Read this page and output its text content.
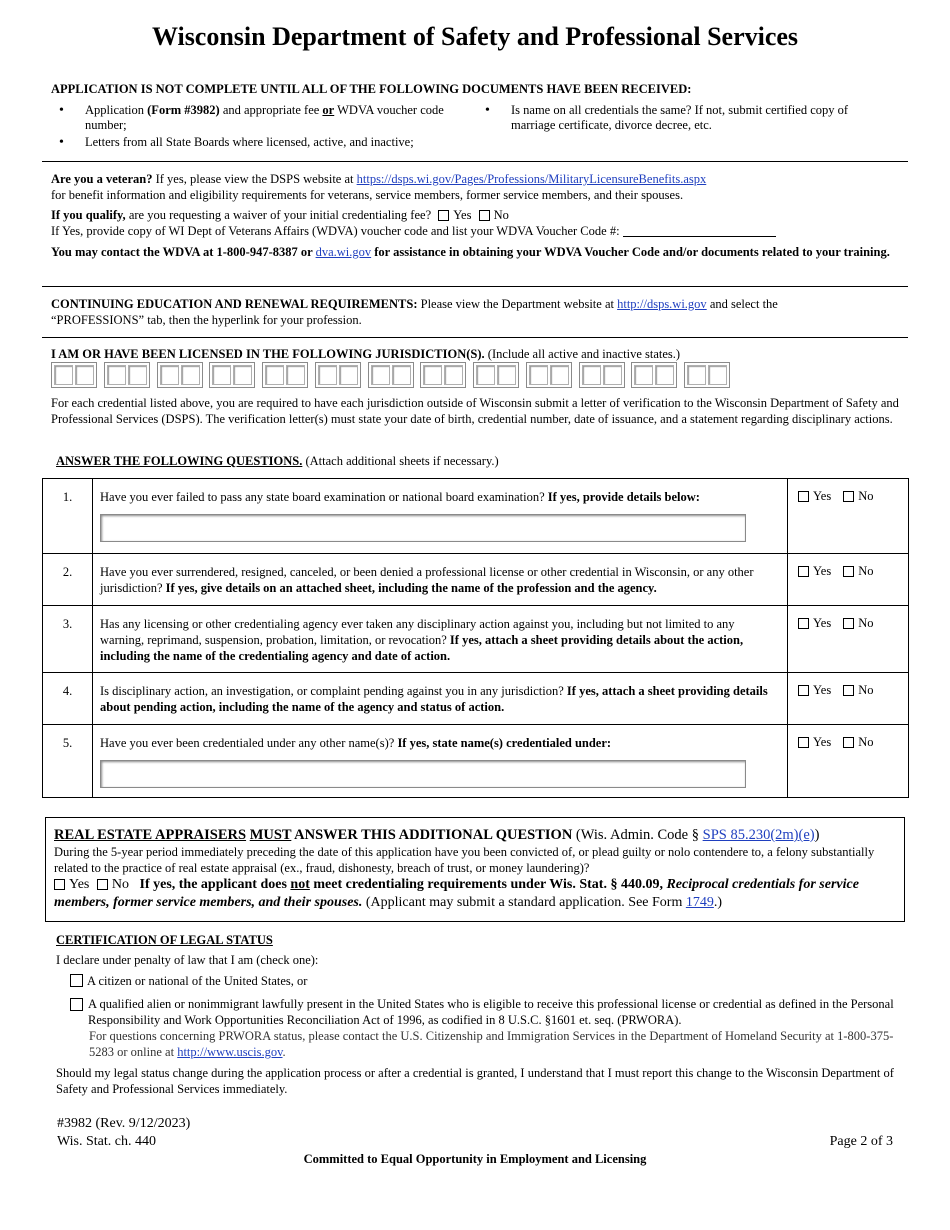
Wisconsin Department of Safety and Professional Services
APPLICATION IS NOT COMPLETE UNTIL ALL OF THE FOLLOWING DOCUMENTS HAVE BEEN RECEIVED:
• Application (Form #3982) and appropriate fee or WDVA voucher code number;
• Letters from all State Boards where licensed, active, and inactive;
• Is name on all credentials the same? If not, submit certified copy of marriage certificate, divorce decree, etc.
Are you a veteran? If yes, please view the DSPS website at https://dsps.wi.gov/Pages/Professions/MilitaryLicensureBenefits.aspx
for benefit information and eligibility requirements for veterans, service members, former service members, and their spouses.
If you qualify, are you requesting a waiver of your initial credentialing fee? Yes No
If Yes, provide copy of WI Dept of Veterans Affairs (WDVA) voucher code and list your WDVA Voucher Code #:
You may contact the WDVA at 1-800-947-8387 or dva.wi.gov for assistance in obtaining your WDVA Voucher Code and/or documents related to your training.
CONTINUING EDUCATION AND RENEWAL REQUIREMENTS: Please view the Department website at http://dsps.wi.gov and select the
“PROFESSIONS” tab, then the hyperlink for your profession.
I AM OR HAVE BEEN LICENSED IN THE FOLLOWING JURISDICTION(S). (Include all active and inactive states.)
For each credential listed above, you are required to have each jurisdiction outside of Wisconsin submit a letter of verification to the Wisconsin Department of Safety and Professional Services (DSPS). The verification letter(s) must state your date of birth, credential number, date of issuance, and a statement regarding disciplinary actions.
ANSWER THE FOLLOWING QUESTIONS. (Attach additional sheets if necessary.)
1.	Have you ever failed to pass any state board examination or national board examination? If yes, provide details below:	Yes No
2.	Have you ever surrendered, resigned, canceled, or been denied a professional license or other credential in Wisconsin, or any other jurisdiction? If yes, give details on an attached sheet, including the name of the profession and the agency.	Yes No
3.	Has any licensing or other credentialing agency ever taken any disciplinary action against you, including but not limited to any warning, reprimand, suspension, probation, limitation, or revocation? If yes, attach a sheet providing details about the action, including the name of the credentialing agency and date of action.	Yes No
4.	Is disciplinary action, an investigation, or complaint pending against you in any jurisdiction? If yes, attach a sheet providing details about pending action, including the name of the agency and status of action.	Yes No
5.	Have you ever been credentialed under any other name(s)? If yes, state name(s) credentialed under:	Yes No
REAL ESTATE APPRAISERS MUST ANSWER THIS ADDITIONAL QUESTION (Wis. Admin. Code § SPS 85.230(2m)(e))
During the 5-year period immediately preceding the date of this application have you been convicted of, or plead guilty or nolo contendere to, a felony substantially related to the practice of real estate appraisal (ex., fraud, dishonesty, breach of trust, or money laundering)?
Yes No If yes, the applicant does not meet credentialing requirements under Wis. Stat. § 440.09, Reciprocal credentials for service members, former service members, and their spouses. (Applicant may submit a standard application. See Form 1749.)
CERTIFICATION OF LEGAL STATUS
I declare under penalty of law that I am (check one):
A citizen or national of the United States, or
A qualified alien or nonimmigrant lawfully present in the United States who is eligible to receive this professional license or credential as defined in the Personal Responsibility and Work Opportunities Reconciliation Act of 1996, as codified in 8 U.S.C. §1601 et. seq. (PRWORA).
For questions concerning PRWORA status, please contact the U.S. Citizenship and Immigration Services in the Department of Homeland Security at 1-800-375-5283 or online at http://www.uscis.gov.
Should my legal status change during the application process or after a credential is granted, I understand that I must report this change to the Wisconsin Department of Safety and Professional Services immediately.
#3982 (Rev. 9/12/2023)
Wis. Stat. ch. 440	Page 2 of 3
Committed to Equal Opportunity in Employment and Licensing
